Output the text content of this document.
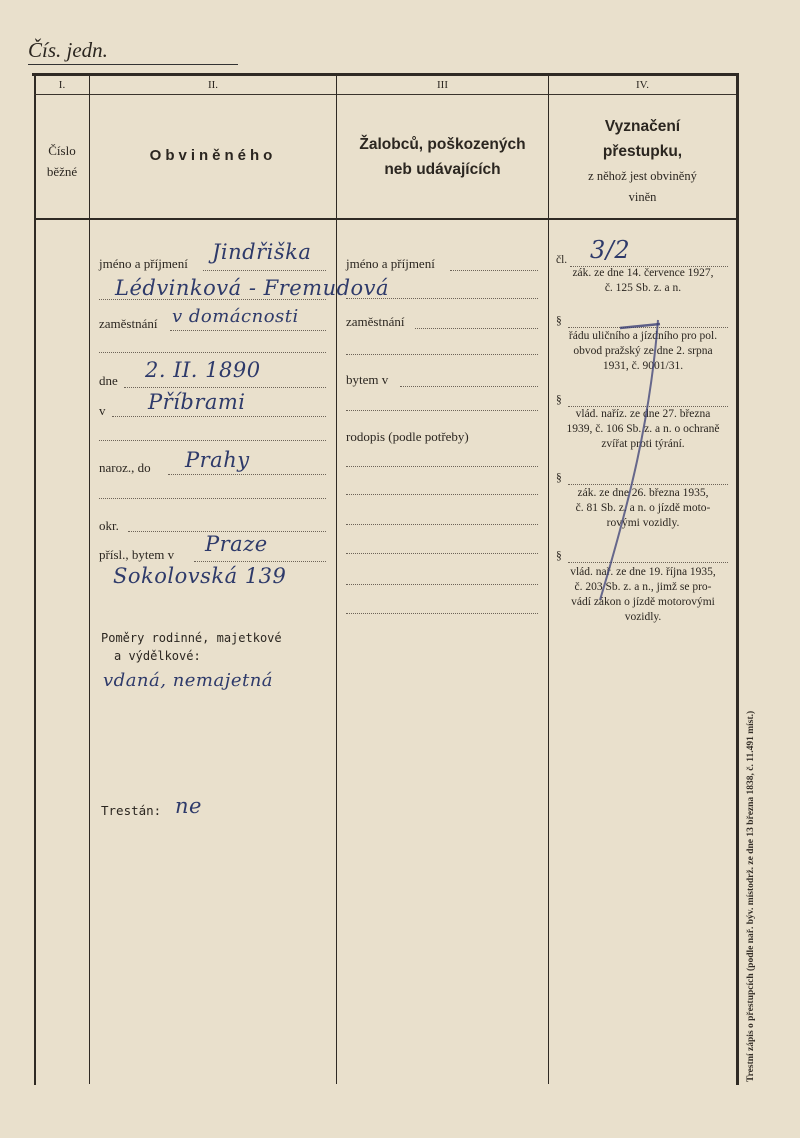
Čís. jedn.
I.	II.	III	IV.
Číslo
běžné
Obviněného
Žalobců, poškozených
neb udávajících
Vyznačení
přestupku,
z něhož jest obviněný
viněn
jméno a příjmení Jindřiška
Lédvinková - Fremudová
zaměstnání v domácnosti
dne 2. II. 1890
v Příbrami
naroz., do Prahy
okr.
přísl., bytem v Praze
Sokolovská 139
Poměry rodinné, majetkové
a výdělkové:
vdaná, nemajetná
Trestán: ne
jméno a příjmení
zaměstnání
bytem v
rodopis (podle potřeby)
čl. 3/2
zák. ze dne 14. července 1927,
č. 125 Sb. z. a n.
§
řádu uličního a jízdního pro pol.
obvod pražský ze dne 2. srpna
1931, č. 9001/31.
§
vlád. naříz. ze dne 27. března
1939, č. 106 Sb. z. a n. o ochraně
zvířat proti týrání.
§
zák. ze dne 26. března 1935,
č. 81 Sb. z. a n. o jízdě moto-
rovými vozidly.
§
vlád. nař. ze dne 19. října 1935,
č. 203 Sb. z. a n., jimž se pro-
vádí zákon o jízdě motorovými
vozidly.
Trestní zápis o přestupcích (podle nař. býv. místodrž. ze dne 13 března 1838, č. 11.491 míst.)
